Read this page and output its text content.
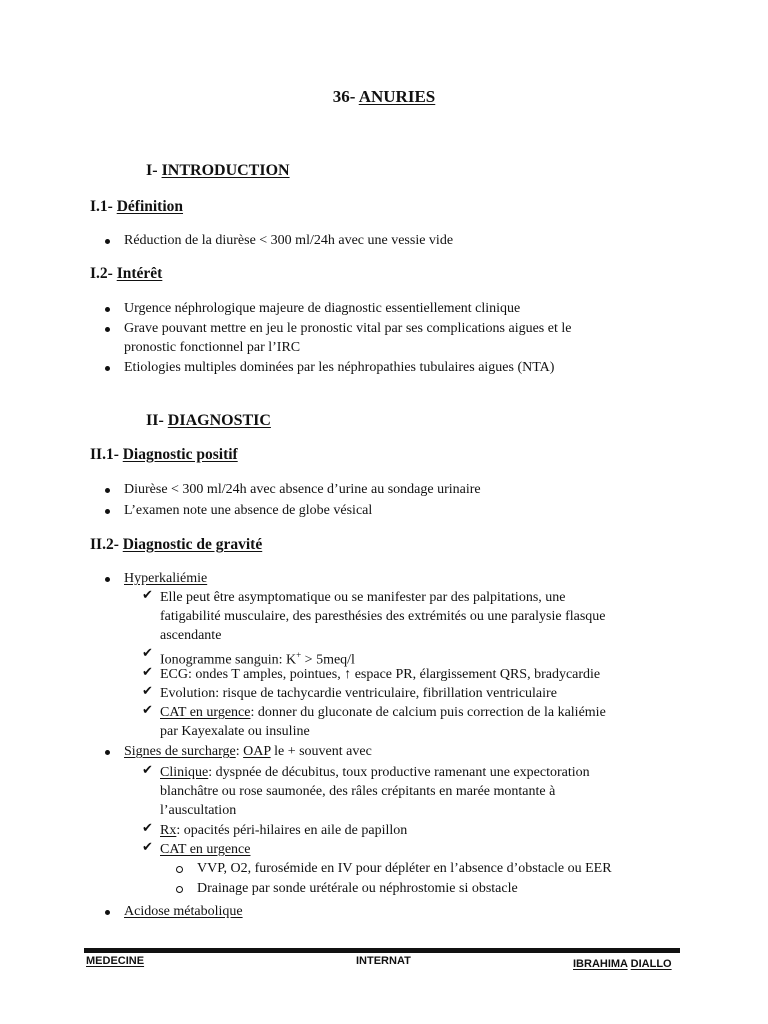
36- ANURIES
I- INTRODUCTION
I.1- Définition
Réduction de la diurèse < 300 ml/24h avec une vessie vide
I.2- Intérêt
Urgence néphrologique majeure de diagnostic essentiellement clinique
Grave pouvant mettre en jeu le pronostic vital par ses complications aigues et le
pronostic fonctionnel par l’IRC
Etiologies multiples dominées par les néphropathies tubulaires aigues (NTA)
II- DIAGNOSTIC
II.1- Diagnostic positif
Diurèse < 300 ml/24h avec absence d’urine au sondage urinaire
L’examen note une absence de globe vésical
II.2- Diagnostic de gravité
Hyperkaliémie
✔ Elle peut être asymptomatique ou se manifester par des palpitations, une
fatigabilité musculaire, des paresthésies des extrémités ou une paralysie flasque
ascendante
✔ Ionogramme sanguin: K+ > 5meq/l
✔ ECG: ondes T amples, pointues, ↑ espace PR, élargissement QRS, bradycardie
✔ Evolution: risque de tachycardie ventriculaire, fibrillation ventriculaire
✔ CAT en urgence: donner du gluconate de calcium puis correction de la kaliémie
par Kayexalate ou insuline
Signes de surcharge: OAP le + souvent avec
✔ Clinique: dyspnée de décubitus, toux productive ramenant une expectoration
blanchâtre ou rose saumonée, des râles crépitants en marée montante à
l’auscultation
✔ Rx: opacités péri-hilaires en aile de papillon
✔ CAT en urgence
VVP, O2, furosémide en IV pour dépléter en l’absence d’obstacle ou EER
Drainage par sonde urétérale ou néphrostomie si obstacle
Acidose métabolique
MEDECINE	INTERNAT	IBRAHIMA DIALLO
